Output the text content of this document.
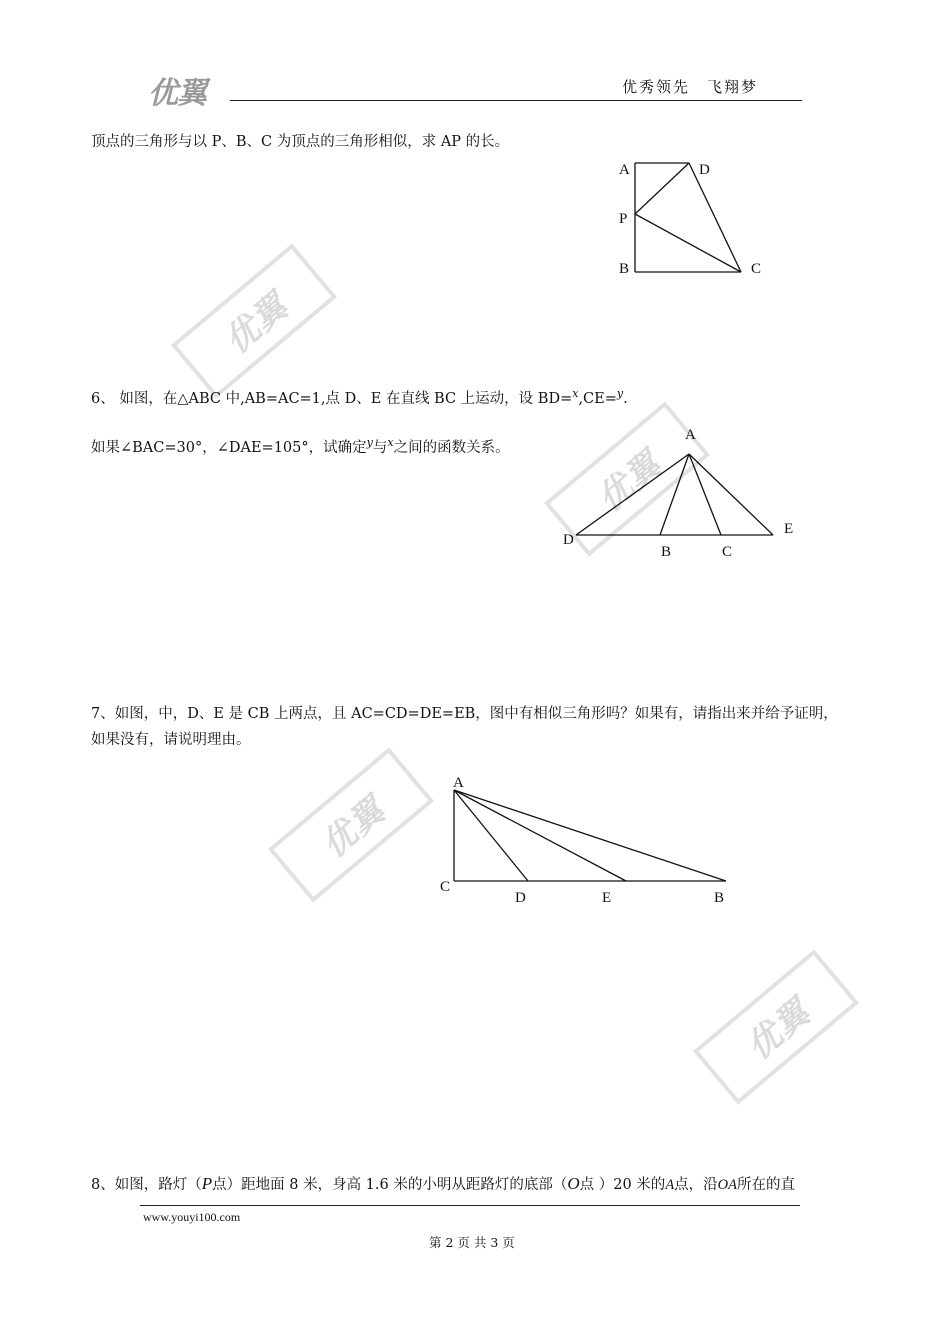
优翼	优秀领先　飞翔梦
优翼
优翼
优翼
优翼
顶点的三角形与以 P、B、C 为顶点的三角形相似，求 AP 的长。
A	D
P
B	C
6、 如图，在△ABC 中,AB=AC=1,点 D、E 在直线 BC 上运动，设 BD=$^x$,CE=$^y$.
如果∠BAC=30°，∠DAE=105°，试确定$^y$与$^x$之间的函数关系。
A
D
B	C
E
7、如图，中，D、E 是 CB 上两点，且 AC=CD=DE=EB，图中有相似三角形吗？如果有，请指出来并给予证明，
如果没有，请说明理由。
A
C
D	E	B
8、如图，路灯（P点）距地面 8 米，身高 1.6 米的小明从距路灯的底部（O点 ）20 米的A点，沿OA所在的直
www.youyi100.com
第 2 页 共 3 页
